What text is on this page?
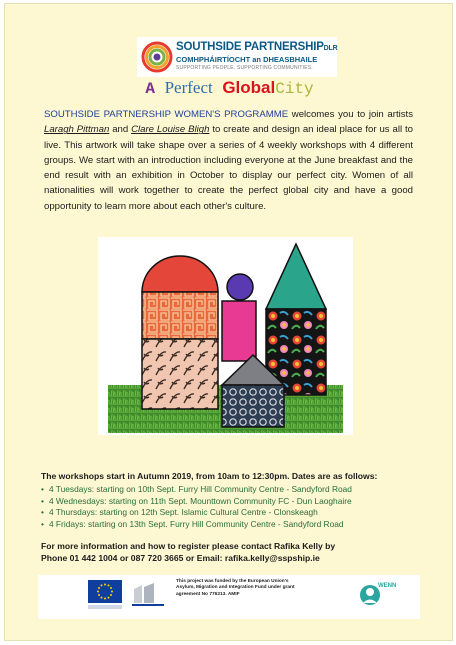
SOUTHSIDE PARTNERSHIPDLR
COMHPHÁIRTÍOCHT an DHEASBHAILE
SUPPORTING PEOPLE. SUPPORTING COMMUNITIES.
A Perfect GlobalCity

SOUTHSIDE PARTNERSHIP WOMEN'S PROGRAMME welcomes you to join artists Laragh Pittman and Clare Louise Bligh to create and design an ideal place for us all to live. This artwork will take shape over a series of 4 weekly workshops with 4 different groups. We start with an introduction including everyone at the June breakfast and the end result with an exhibition in October to display our perfect city. Women of all nationalities will work together to create the perfect global city and have a good opportunity to learn more about each other's culture.

The workshops start in Autumn 2019, from 10am to 12:30pm. Dates are as follows:
• 4 Tuesdays: starting on 10th Sept. Furry Hill Community Centre - Sandyford Road
• 4 Wednesdays: starting on 11th Sept. Mounttown Community FC - Dun Laoghaire
• 4 Thursdays: starting on 12th Sept. Islamic Cultural Centre - Clonskeagh
• 4 Fridays: starting on 13th Sept. Furry Hill Community Centre - Sandyford Road
For more information and how to register please contact Rafika Kelly by
Phone 01 442 1004 or 087 720 3665 or Email: rafika.kelly@sspship.ie
This project was funded by the European Union's Asylum, Migration and Integration Fund under grant agreement No 776213. AMIF
WENN
